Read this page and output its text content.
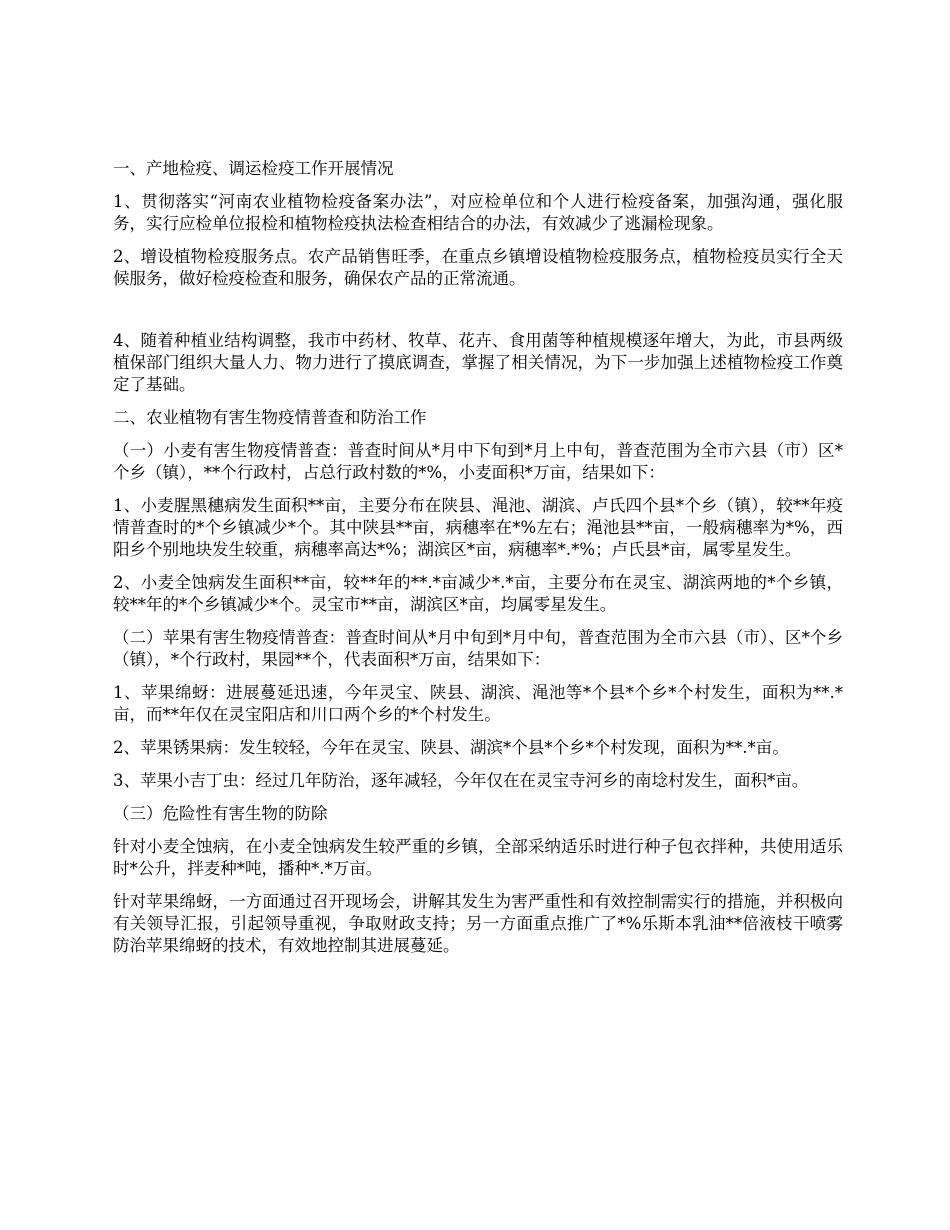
一、产地检疫、调运检疫工作开展情况

1、贯彻落实“河南农业植物检疫备案办法”，对应检单位和个人进行检疫备案，加强沟通，强化服务，实行应检单位报检和植物检疫执法检查相结合的办法，有效减少了逃漏检现象。

2、增设植物检疫服务点。农产品销售旺季，在重点乡镇增设植物检疫服务点，植物检疫员实行全天候服务，做好检疫检查和服务，确保农产品的正常流通。

4、随着种植业结构调整，我市中药材、牧草、花卉、食用菌等种植规模逐年增大，为此，市县两级植保部门组织大量人力、物力进行了摸底调查，掌握了相关情况，为下一步加强上述植物检疫工作奠定了基础。

二、农业植物有害生物疫情普查和防治工作

（一）小麦有害生物疫情普查：普查时间从*月中下旬到*月上中旬，普查范围为全市六县（市）区*个乡（镇），**个行政村，占总行政村数的*%，小麦面积*万亩，结果如下：

1、小麦腥黑穗病发生面积**亩，主要分布在陕县、渑池、湖滨、卢氏四个县*个乡（镇），较**年疫情普查时的*个乡镇减少*个。其中陕县**亩，病穗率在*%左右；渑池县**亩，一般病穗率为*%，西阳乡个别地块发生较重，病穗率高达*%；湖滨区*亩，病穗率*.*%；卢氏县*亩，属零星发生。

2、小麦全蚀病发生面积**亩，较**年的**.*亩减少*.*亩，主要分布在灵宝、湖滨两地的*个乡镇，较**年的*个乡镇减少*个。灵宝市**亩，湖滨区*亩，均属零星发生。

（二）苹果有害生物疫情普查：普查时间从*月中旬到*月中旬，普查范围为全市六县（市）、区*个乡（镇），*个行政村，果园**个，代表面积*万亩，结果如下：

1、苹果绵蚜：进展蔓延迅速，今年灵宝、陕县、湖滨、渑池等*个县*个乡*个村发生，面积为**.*亩，而**年仅在灵宝阳店和川口两个乡的*个村发生。

2、苹果锈果病：发生较轻，今年在灵宝、陕县、湖滨*个县*个乡*个村发现，面积为**.*亩。

3、苹果小吉丁虫：经过几年防治，逐年减轻，今年仅在在灵宝寺河乡的南埝村发生，面积*亩。

（三）危险性有害生物的防除

针对小麦全蚀病，在小麦全蚀病发生较严重的乡镇，全部采纳适乐时进行种子包衣拌种，共使用适乐时*公升，拌麦种*吨，播种*.*万亩。

针对苹果绵蚜，一方面通过召开现场会，讲解其发生为害严重性和有效控制需实行的措施，并积极向有关领导汇报，引起领导重视，争取财政支持；另一方面重点推广了*%乐斯本乳油**倍液枝干喷雾防治苹果绵蚜的技术，有效地控制其进展蔓延。
